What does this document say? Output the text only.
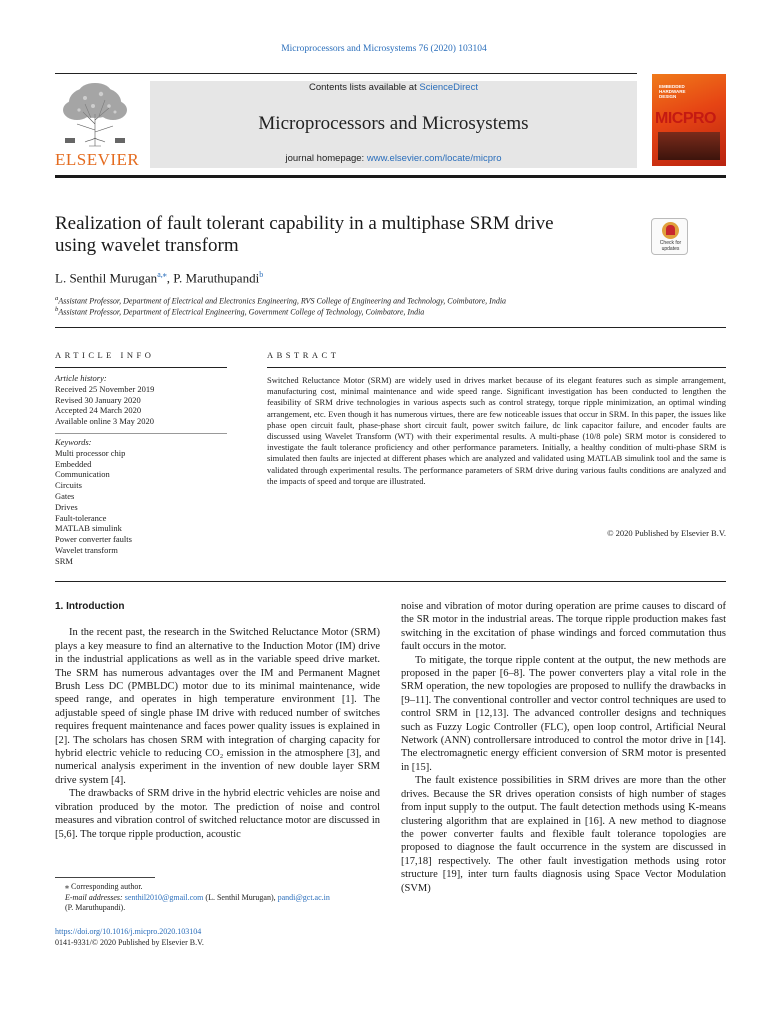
Microprocessors and Microsystems 76 (2020) 103104
ELSEVIER
Contents lists available at ScienceDirect
Microprocessors and Microsystems
journal homepage: www.elsevier.com/locate/micpro
EMBEDDED HARDWARE DESIGN
MICPRO
Realization of fault tolerant capability in a multiphase SRM drive using wavelet transform	Check for updates
L. Senthil Murugan$^{a,⁎}$, P. Maruthupandi$^b$
$^a$Assistant Professor, Department of Electrical and Electronics Engineering, RVS College of Engineering and Technology, Coimbatore, India
$^b$Assistant Professor, Department of Electrical Engineering, Government College of Technology, Coimbatore, India
ARTICLE INFO	ABSTRACT
Article history:
Received 25 November 2019
Revised 30 January 2020
Accepted 24 March 2020
Available online 3 May 2020
Keywords:
Multi processor chip
Embedded
Communication
Circuits
Gates
Drives
Fault-tolerance
MATLAB simulink
Power converter faults
Wavelet transform
SRM
Switched Reluctance Motor (SRM) are widely used in drives market because of its elegant features such as simple arrangement, manufacturing cost, minimal maintenance and wide speed range. Significant investigation has been conducted to lengthen the feasibility of SRM drive technologies in various aspects such as control strategy, torque ripple minimization, an optimal winding arrangement, etc. Even though it has numerous virtues, there are few noticeable issues that occur in SRM. In this paper, the issues like phase open circuit fault, phase-phase short circuit fault, power switch failure, dc link capacitor failure, and encoder faults are discussed using Wavelet Transform (WT) with their experimental results. A multi-phase (10/8 pole) SRM motor is considered to investigate the fault tolerance proficiency and other performance parameters. Initially, a healthy condition of multi-phase SRM is simulated then faults are injected at different phases which are analyzed and validated using MATLAB simulink tool and the same is validated through experimental results. The performance parameters of SRM drive during various faults conditions are analyzed and the impacts of speed and torque are illustrated.
© 2020 Published by Elsevier B.V.
1. Introduction
In the recent past, the research in the Switched Reluctance Motor (SRM) plays a key measure to find an alternative to the Induction Motor (IM) drive in the industrial applications as well as in the variable speed drive market. The SRM has numerous advantages over the IM and Permanent Magnet Brush Less DC (PMBLDC) motor due to its minimal maintenance, wide speed range, and operates in high temperature environment [1]. The adjustable speed of single phase IM drive with reduced number of switches requires frequent maintenance and faces power quality issues is explained in [2]. The scholars has chosen SRM with integration of charging capacity for hybrid electric vehicle to reducing CO₂ emission in the atmosphere [3], and numerical analysis experiment in the invention of new double layer SRM drive system [4].
The drawbacks of SRM drive in the hybrid electric vehicles are noise and vibration produced by the motor. The prediction of noise and control measures and vibration control of switched reluctance motor are discussed in [5,6]. The torque ripple production, acoustic
noise and vibration of motor during operation are prime causes to discard of the SR motor in the industrial areas. The torque ripple production makes fast switching in the excitation of phase windings and forced commutation thus fault occurs in the motor.
To mitigate, the torque ripple content at the output, the new methods are proposed in the paper [6–8]. The power converters play a vital role in the SRM operation, the new topologies are proposed to nullify the drawbacks in [9–11]. The conventional controller and vector control techniques are used to control SRM in [12,13]. The advanced controller designs and techniques such as Fuzzy Logic Controller (FLC), open loop control, Artificial Neural Network (ANN) controllersare introduced to control the motor drive in [14]. The electromagnetic energy efficient conversion of SRM motor is presented in [15].
The fault existence possibilities in SRM drives are more than the other drives. Because the SR drives operation consists of high number of stages from input supply to the output. The fault detection methods using K-means clustering algorithm that are explained in [16]. A new method to diagnose the power converter faults and flexible fault tolerance topologies are proposed to diagnose the fault occurrence in the system are discussed in [17,18] respectively. The other fault investigation methods using rotor structure [19], inter turn faults diagnosis using Space Vector Modulation (SVM)
⁎ Corresponding author.
E-mail addresses: senthil2010@gmail.com (L. Senthil Murugan), pandi@gct.ac.in
(P. Maruthupandi).
https://doi.org/10.1016/j.micpro.2020.103104
0141-9331/© 2020 Published by Elsevier B.V.
